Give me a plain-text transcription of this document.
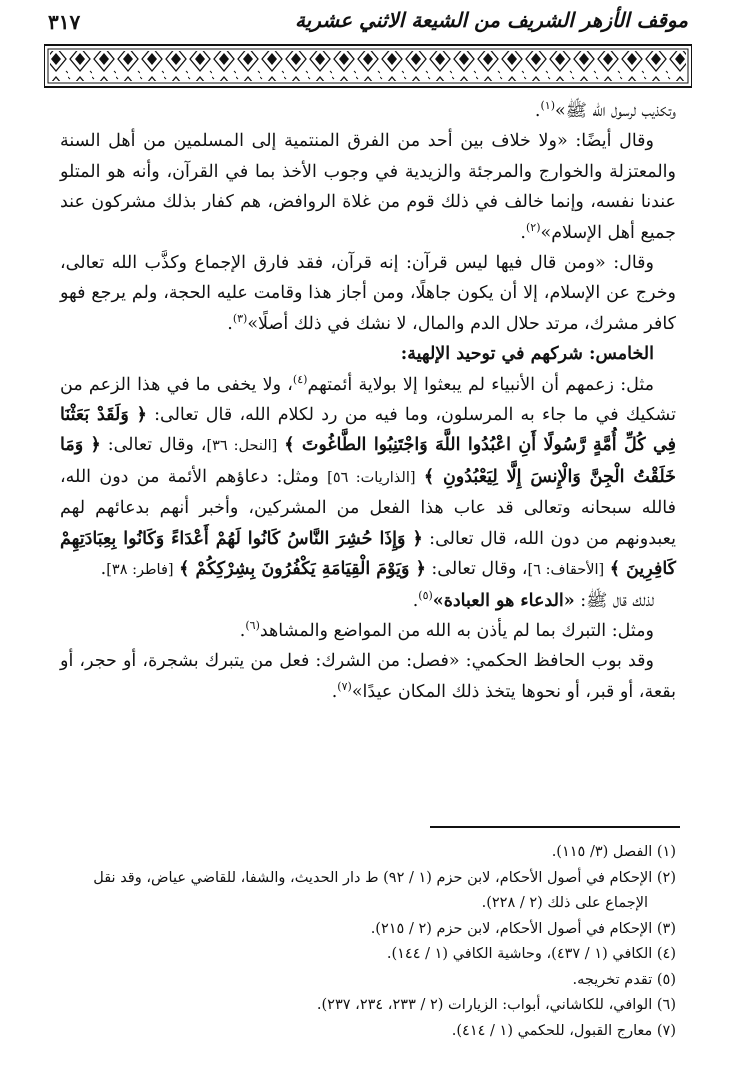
موقف الأزهر الشريف من الشيعة الاثني عشرية
٣١٧

وتكذيب لرسول الله ﷺ»$^{(١)}$.

وقال أيضًا: «ولا خلاف بين أحد من الفرق المنتمية إلى المسلمين من أهل السنة والمعتزلة والخوارج والمرجئة والزيدية في وجوب الأخذ بما في القرآن، وأنه هو المتلو عندنا نفسه، وإنما خالف في ذلك قوم من غلاة الروافض، هم كفار بذلك مشركون عند جميع أهل الإسلام»$^{(٢)}$.

وقال: «ومن قال فيها ليس قرآن: إنه قرآن، فقد فارق الإجماع وكذَّب الله تعالى، وخرج عن الإسلام، إلا أن يكون جاهلًا، ومن أجاز هذا وقامت عليه الحجة، ولم يرجع فهو كافر مشرك، مرتد حلال الدم والمال، لا نشك في ذلك أصلًا»$^{(٣)}$.

الخامس: شركهم في توحيد الإلهية:

مثل: زعمهم أن الأنبياء لم يبعثوا إلا بولاية أئمتهم$^{(٤)}$، ولا يخفى ما في هذا الزعم من تشكيك في ما جاء به المرسلون، وما فيه من رد لكلام الله، قال تعالى: ﴿ وَلَقَدْ بَعَثْنَا فِي كُلِّ أُمَّةٍ رَّسُولًا أَنِ اعْبُدُوا اللَّهَ وَاجْتَنِبُوا الطَّاغُوتَ ﴾ [النحل: ٣٦]، وقال تعالى: ﴿ وَمَا خَلَقْتُ الْجِنَّ وَالْإِنسَ إِلَّا لِيَعْبُدُونِ ﴾ [الذاريات: ٥٦] ومثل: دعاؤهم الأئمة من دون الله، فالله سبحانه وتعالى قد عاب هذا الفعل من المشركين، وأخبر أنهم بدعائهم لهم يعبدونهم من دون الله، قال تعالى: ﴿ وَإِذَا حُشِرَ النَّاسُ كَانُوا لَهُمْ أَعْدَاءً وَكَانُوا بِعِبَادَتِهِمْ كَافِرِينَ ﴾ [الأحقاف: ٦]، وقال تعالى: ﴿ وَيَوْمَ الْقِيَامَةِ يَكْفُرُونَ بِشِرْكِكُمْ ﴾ [فاطر: ٣٨].

لذلك قال ﷺ: «الدعاء هو العبادة»$^{(٥)}$.

ومثل: التبرك بما لم يأذن به الله من المواضع والمشاهد$^{(٦)}$.

وقد بوب الحافظ الحكمي: «فصل: من الشرك: فعل من يتبرك بشجرة، أو حجر، أو بقعة، أو قبر، أو نحوها يتخذ ذلك المكان عيدًا»$^{(٧)}$.

(١) الفصل (٣/ ١١٥).

(٢) الإحكام في أصول الأحكام، لابن حزم (١ / ٩٢) ط دار الحديث، والشفا، للقاضي عياض، وقد نقل

الإجماع على ذلك (٢ / ٢٢٨).

(٣) الإحكام في أصول الأحكام، لابن حزم (٢ / ٢١٥).

(٤) الكافي (١ / ٤٣٧)، وحاشية الكافي (١ / ١٤٤).

(٥) تقدم تخريجه.

(٦) الوافي، للكاشاني، أبواب: الزيارات (٢ / ٢٣٣، ٢٣٤، ٢٣٧).

(٧) معارج القبول، للحكمي (١ / ٤١٤).
